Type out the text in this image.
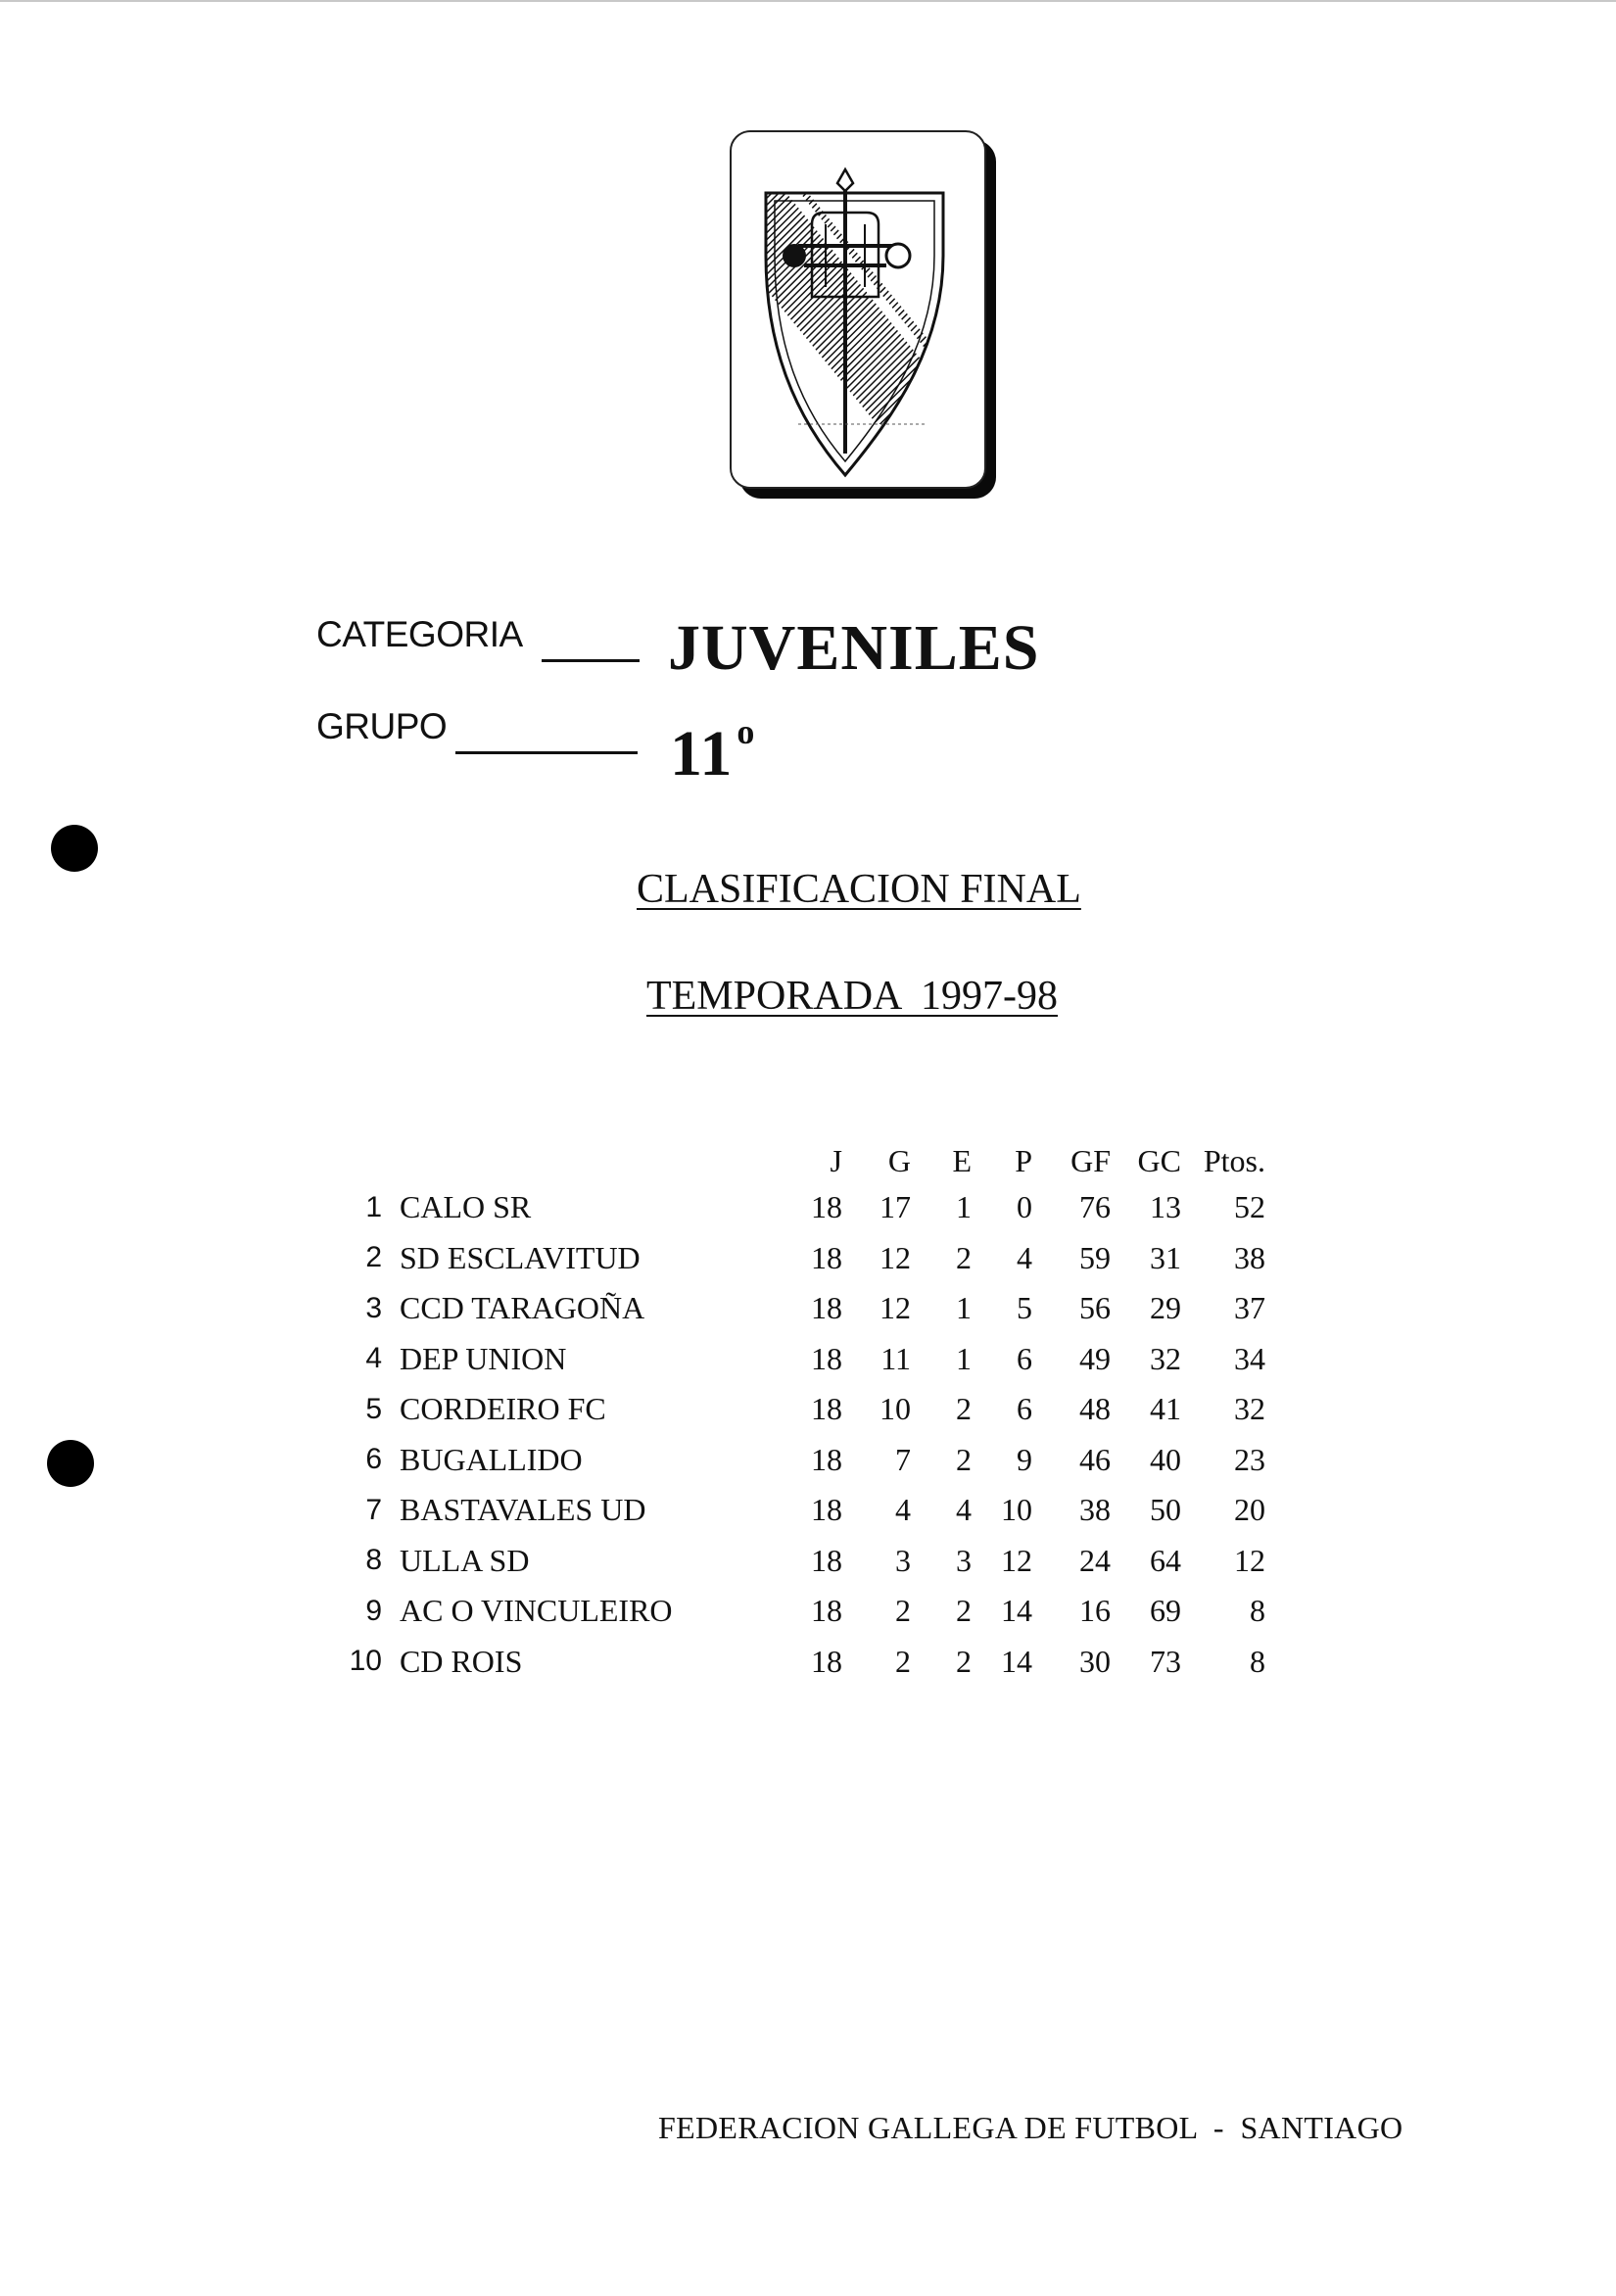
CATEGORIA JUVENILES
GRUPO	11 $^o$
CLASIFICACION FINAL
TEMPORADA  1997-98
		J	G	E	P	GF	GC	Ptos.
1	CALO SR	18	17	1	0	76	13	52
2	SD ESCLAVITUD	18	12	2	4	59	31	38
3	CCD TARAGOÑA	18	12	1	5	56	29	37
4	DEP UNION	18	11	1	6	49	32	34
5	CORDEIRO FC	18	10	2	6	48	41	32
6	BUGALLIDO	18	7	2	9	46	40	23
7	BASTAVALES UD	18	4	4	10	38	50	20
8	ULLA SD	18	3	3	12	24	64	12
9	AC O VINCULEIRO	18	2	2	14	16	69	8
10	CD ROIS	18	2	2	14	30	73	8
FEDERACION GALLEGA DE FUTBOL  -  SANTIAGO
